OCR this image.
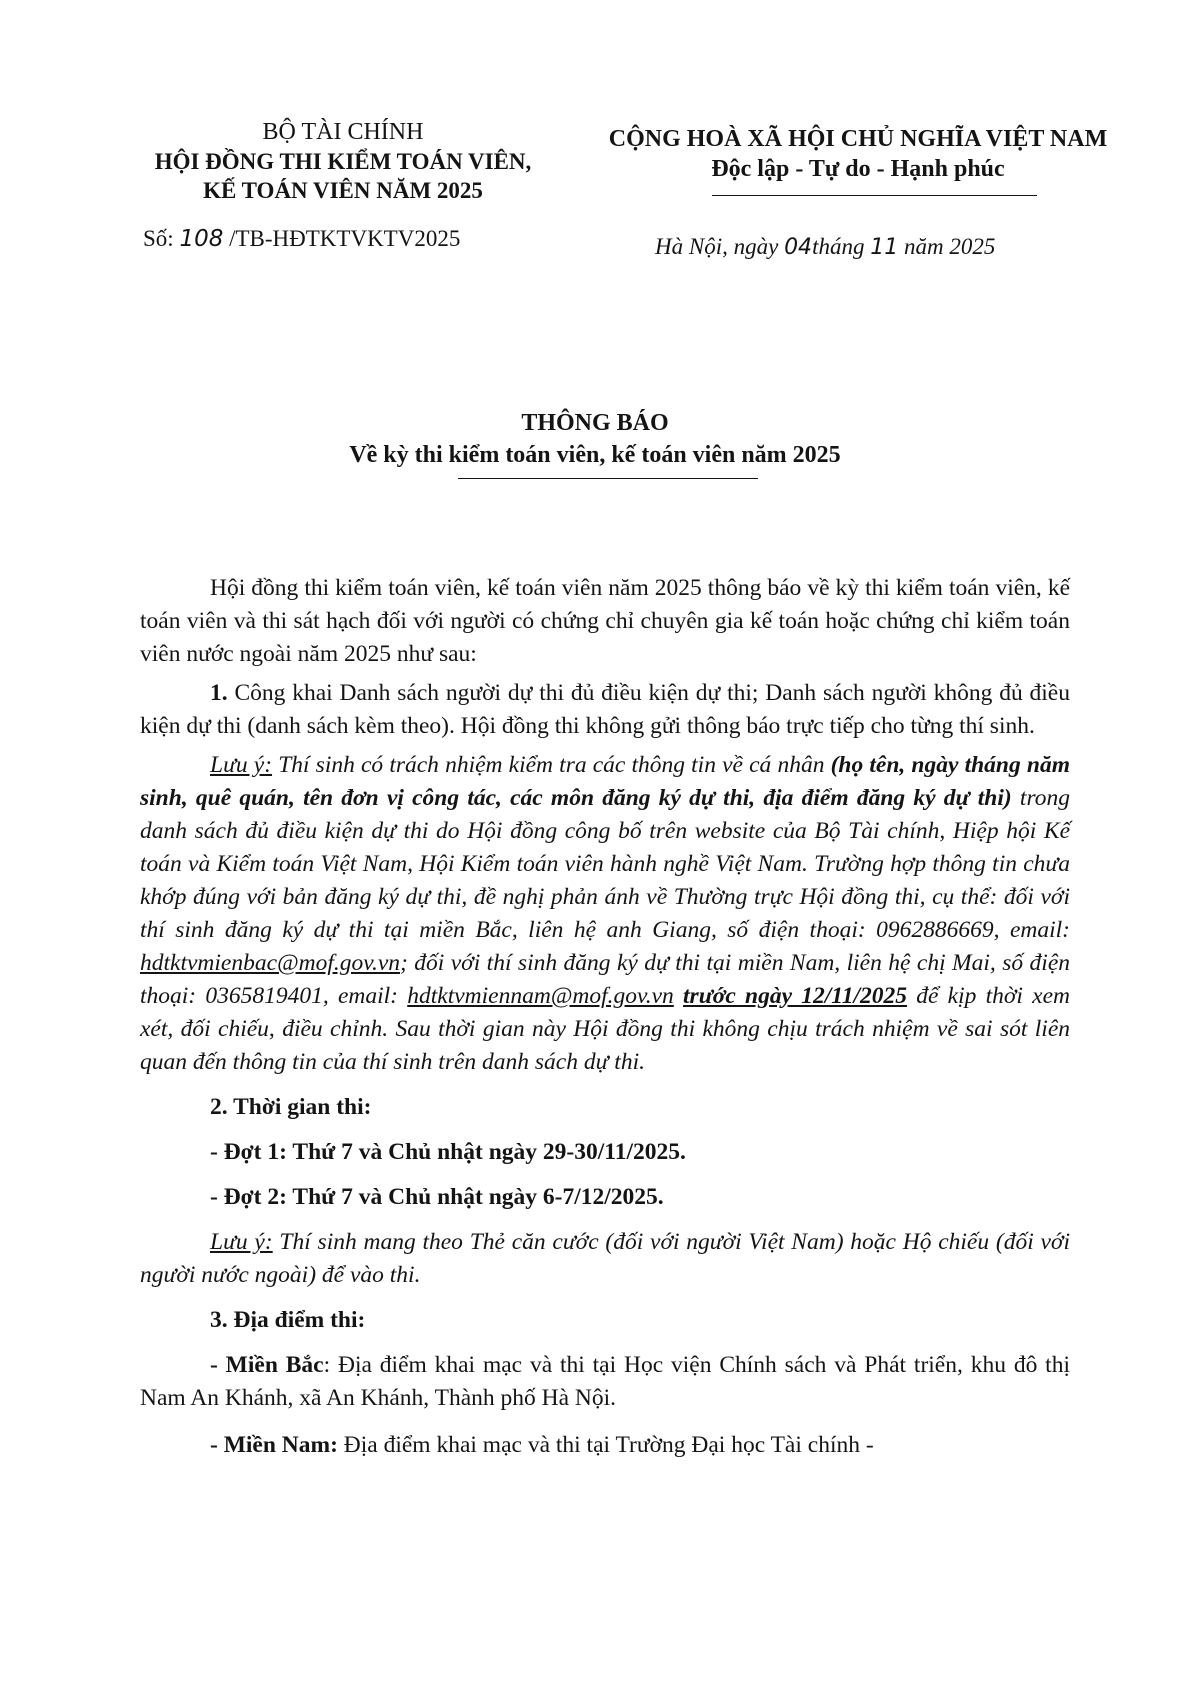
BỘ TÀI CHÍNH
HỘI ĐỒNG THI KIỂM TOÁN VIÊN,
KẾ TOÁN VIÊN NĂM 2025
Số: 108 /TB-HĐTKTVKTV2025
CỘNG HOÀ XÃ HỘI CHỦ NGHĨA VIỆT NAM
Độc lập - Tự do - Hạnh phúc
Hà Nội, ngày 04tháng 11 năm 2025
THÔNG BÁO
Về kỳ thi kiểm toán viên, kế toán viên năm 2025

Hội đồng thi kiểm toán viên, kế toán viên năm 2025 thông báo về kỳ thi kiểm toán viên, kế toán viên và thi sát hạch đối với người có chứng chỉ chuyên gia kế toán hoặc chứng chỉ kiểm toán viên nước ngoài năm 2025 như sau:

1. Công khai Danh sách người dự thi đủ điều kiện dự thi; Danh sách người không đủ điều kiện dự thi (danh sách kèm theo). Hội đồng thi không gửi thông báo trực tiếp cho từng thí sinh.

Lưu ý: Thí sinh có trách nhiệm kiểm tra các thông tin về cá nhân (họ tên, ngày tháng năm sinh, quê quán, tên đơn vị công tác, các môn đăng ký dự thi, địa điểm đăng ký dự thi) trong danh sách đủ điều kiện dự thi do Hội đồng công bố trên website của Bộ Tài chính, Hiệp hội Kế toán và Kiểm toán Việt Nam, Hội Kiểm toán viên hành nghề Việt Nam. Trường hợp thông tin chưa khớp đúng với bản đăng ký dự thi, đề nghị phản ánh về Thường trực Hội đồng thi, cụ thể: đối với thí sinh đăng ký dự thi tại miền Bắc, liên hệ anh Giang, số điện thoại: 0962886669, email: hdtktvmienbac@mof.gov.vn; đối với thí sinh đăng ký dự thi tại miền Nam, liên hệ chị Mai, số điện thoại: 0365819401, email: hdtktvmiennam@mof.gov.vn trước ngày 12/11/2025 để kịp thời xem xét, đối chiếu, điều chỉnh. Sau thời gian này Hội đồng thi không chịu trách nhiệm về sai sót liên quan đến thông tin của thí sinh trên danh sách dự thi.

2. Thời gian thi:

- Đợt 1: Thứ 7 và Chủ nhật ngày 29-30/11/2025.

- Đợt 2: Thứ 7 và Chủ nhật ngày 6-7/12/2025.

Lưu ý: Thí sinh mang theo Thẻ căn cước (đối với người Việt Nam) hoặc Hộ chiếu (đối với người nước ngoài) để vào thi.

3. Địa điểm thi:

- Miền Bắc: Địa điểm khai mạc và thi tại Học viện Chính sách và Phát triển, khu đô thị Nam An Khánh, xã An Khánh, Thành phố Hà Nội.

- Miền Nam: Địa điểm khai mạc và thi tại Trường Đại học Tài chính -
